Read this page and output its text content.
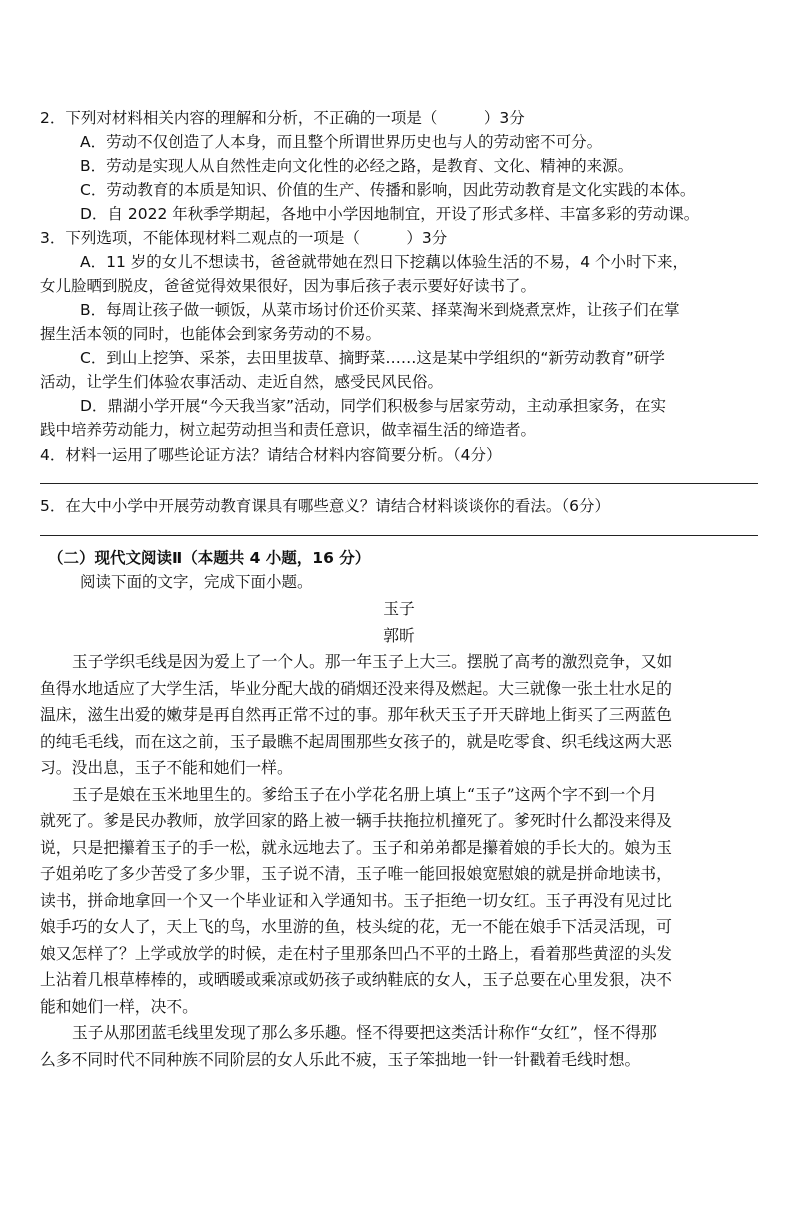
2．下列对材料相关内容的理解和分析，不正确的一项是（　　　）3分

A．劳动不仅创造了人本身，而且整个所谓世界历史也与人的劳动密不可分。

B．劳动是实现人从自然性走向文化性的必经之路，是教育、文化、精神的来源。

C．劳动教育的本质是知识、价值的生产、传播和影响，因此劳动教育是文化实践的本体。

D．自 2022 年秋季学期起，各地中小学因地制宜，开设了形式多样、丰富多彩的劳动课。

3．下列选项，不能体现材料二观点的一项是（　　　）3分

A．11 岁的女儿不想读书，爸爸就带她在烈日下挖藕以体验生活的不易，4 个小时下来，

女儿脸晒到脱皮，爸爸觉得效果很好，因为事后孩子表示要好好读书了。

B．每周让孩子做一顿饭，从菜市场讨价还价买菜、择菜淘米到烧煮烹炸，让孩子们在掌

握生活本领的同时，也能体会到家务劳动的不易。

C．到山上挖笋、采茶，去田里拔草、摘野菜……这是某中学组织的“新劳动教育”研学

活动，让学生们体验农事活动、走近自然，感受民风民俗。

D．鼎湖小学开展“今天我当家”活动，同学们积极参与居家劳动，主动承担家务，在实

践中培养劳动能力，树立起劳动担当和责任意识，做幸福生活的缔造者。

4．材料一运用了哪些论证方法？请结合材料内容简要分析。（4分）

5．在大中小学中开展劳动教育课具有哪些意义？请结合材料谈谈你的看法。（6分）

（二）现代文阅读Ⅱ（本题共 4 小题，16 分）

阅读下面的文字，完成下面小题。

玉子

郭昕

玉子学织毛线是因为爱上了一个人。那一年玉子上大三。摆脱了高考的激烈竞争，又如

鱼得水地适应了大学生活，毕业分配大战的硝烟还没来得及燃起。大三就像一张土壮水足的

温床，滋生出爱的嫩芽是再自然再正常不过的事。那年秋天玉子开天辟地上街买了三两蓝色

的纯毛毛线，而在这之前，玉子最瞧不起周围那些女孩子的，就是吃零食、织毛线这两大恶

习。没出息，玉子不能和她们一样。

玉子是娘在玉米地里生的。爹给玉子在小学花名册上填上“玉子”这两个字不到一个月

就死了。爹是民办教师，放学回家的路上被一辆手扶拖拉机撞死了。爹死时什么都没来得及

说，只是把攥着玉子的手一松，就永远地去了。玉子和弟弟都是攥着娘的手长大的。娘为玉

子姐弟吃了多少苦受了多少罪，玉子说不清，玉子唯一能回报娘宽慰娘的就是拼命地读书，

读书，拼命地拿回一个又一个毕业证和入学通知书。玉子拒绝一切女红。玉子再没有见过比

娘手巧的女人了，天上飞的鸟，水里游的鱼，枝头绽的花，无一不能在娘手下活灵活现，可

娘又怎样了？上学或放学的时候，走在村子里那条凹凸不平的土路上，看着那些黄涩的头发

上沾着几根草棒棒的，或晒暖或乘凉或奶孩子或纳鞋底的女人，玉子总要在心里发狠，决不

能和她们一样，决不。

玉子从那团蓝毛线里发现了那么多乐趣。怪不得要把这类活计称作“女红”，怪不得那

么多不同时代不同种族不同阶层的女人乐此不疲，玉子笨拙地一针一针戳着毛线时想。
